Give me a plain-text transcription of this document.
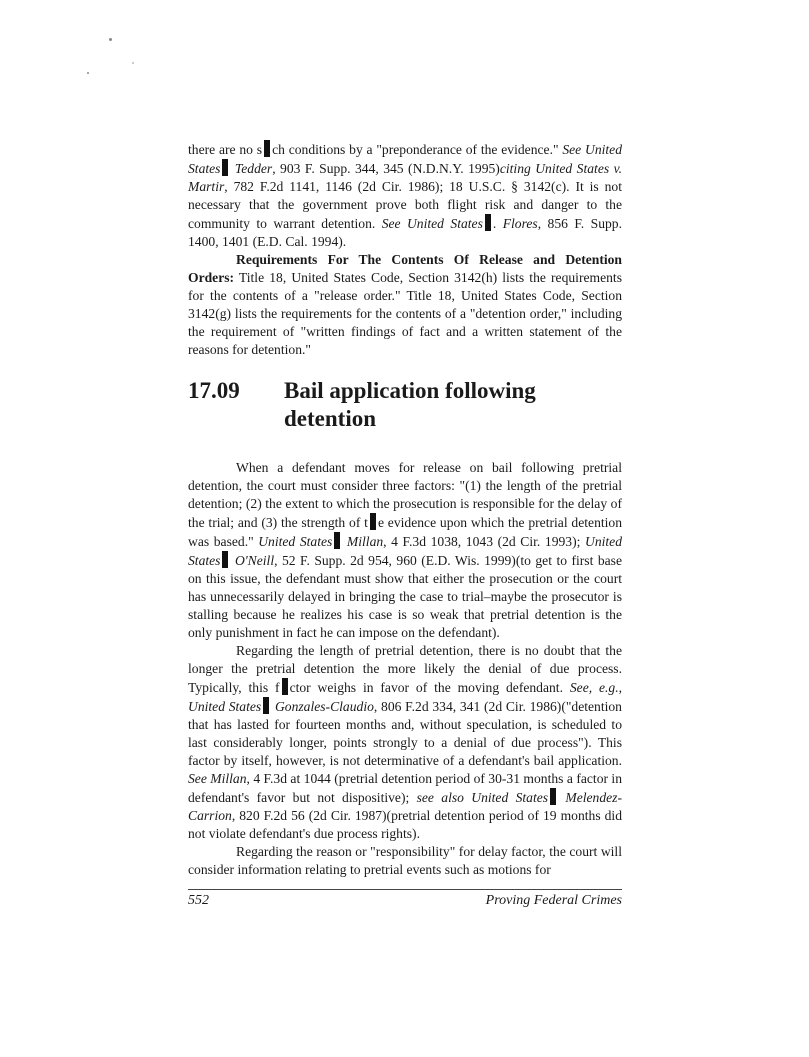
there are no s ch conditions by a "preponderance of the evidence." See United States Tedder, 903 F. Supp. 344, 345 (N.D.N.Y. 1995)citing United States v. Martir, 782 F.2d 1141, 1146 (2d Cir. 1986); 18 U.S.C. § 3142(c). It is not necessary that the government prove both flight risk and danger to the community to warrant detention. See United States . Flores, 856 F. Supp. 1400, 1401 (E.D. Cal. 1994).

Requirements For The Contents Of Release and Detention Orders: Title 18, United States Code, Section 3142(h) lists the requirements for the contents of a "release order." Title 18, United States Code, Section 3142(g) lists the requirements for the contents of a "detention order," including the requirement of "written findings of fact and a written statement of the reasons for detention."

17.09	Bail application following detention

When a defendant moves for release on bail following pretrial detention, the court must consider three factors: "(1) the length of the pretrial detention; (2) the extent to which the prosecution is responsible for the delay of the trial; and (3) the strength of t e evidence upon which the pretrial detention was based." United States Millan, 4 F.3d 1038, 1043 (2d Cir. 1993); United States O'Neill, 52 F. Supp. 2d 954, 960 (E.D. Wis. 1999)(to get to first base on this issue, the defendant must show that either the prosecution or the court has unnecessarily delayed in bringing the case to trial–maybe the prosecutor is stalling because he realizes his case is so weak that pretrial detention is the only punishment in fact he can impose on the defendant).

Regarding the length of pretrial detention, there is no doubt that the longer the pretrial detention the more likely the denial of due process. Typically, this f ctor weighs in favor of the moving defendant. See, e.g., United States Gonzales-Claudio, 806 F.2d 334, 341 (2d Cir. 1986)("detention that has lasted for fourteen months and, without speculation, is scheduled to last considerably longer, points strongly to a denial of due process"). This factor by itself, however, is not determinative of a defendant's bail application. See Millan, 4 F.3d at 1044 (pretrial detention period of 30-31 months a factor in defendant's favor but not dispositive); see also United States Melendez-Carrion, 820 F.2d 56 (2d Cir. 1987)(pretrial detention period of 19 months did not violate defendant's due process rights).

Regarding the reason or "responsibility" for delay factor, the court will consider information relating to pretrial events such as motions for

552	Proving Federal Crimes
